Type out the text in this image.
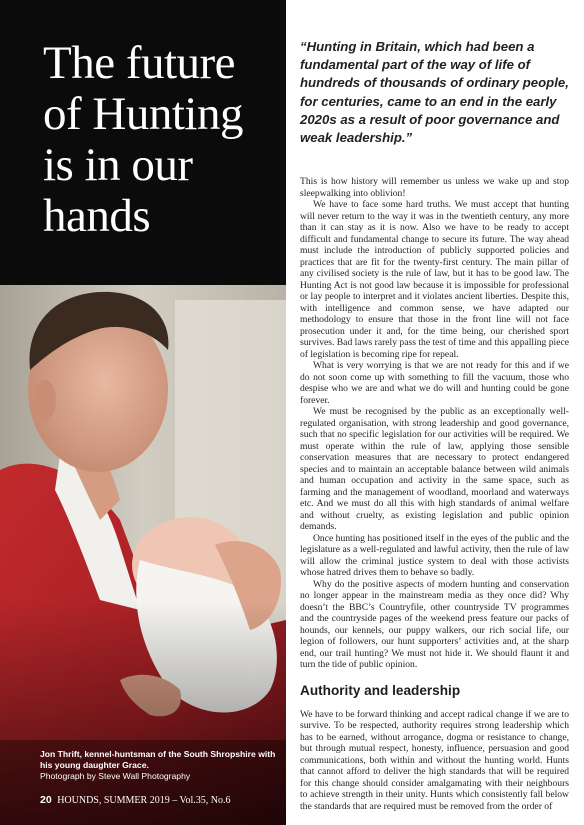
The future of Hunting is in our hands
Jon Thrift, kennel-huntsman of the South Shropshire with his young daughter Grace.
Photograph by Steve Wall Photography
20 HOUNDS, SUMMER 2019 – Vol.35, No.6

“Hunting in Britain, which had been a fundamental part of the way of life of hundreds of thousands of ordinary people, for centuries, came to an end in the early 2020s as a result of poor governance and weak leadership.”

This is how history will remember us unless we wake up and stop sleepwalking into oblivion!

We have to face some hard truths. We must accept that hunting will never return to the way it was in the twentieth century, any more than it can stay as it is now. Also we have to be ready to accept difficult and fundamental change to secure its future. The way ahead must include the introduction of publicly supported policies and practices that are fit for the twenty-first century. The main pillar of any civilised society is the rule of law, but it has to be good law. The Hunting Act is not good law because it is impossible for professional or lay people to interpret and it violates ancient liberties. Despite this, with intelligence and common sense, we have adapted our methodology to ensure that those in the front line will not face prosecution under it and, for the time being, our cherished sport survives. Bad laws rarely pass the test of time and this appalling piece of legislation is becoming ripe for repeal.

What is very worrying is that we are not ready for this and if we do not soon come up with something to fill the vacuum, those who despise who we are and what we do will and hunting could be gone forever.

We must be recognised by the public as an exceptionally well-regulated organisation, with strong leadership and good governance, such that no specific legislation for our activities will be required. We must operate within the rule of law, applying those sensible conservation measures that are necessary to protect endangered species and to maintain an acceptable balance between wild animals and human occupation and activity in the same space, such as farming and the management of woodland, moorland and waterways etc. And we must do all this with high standards of animal welfare and without cruelty, as existing legislation and public opinion demands.

Once hunting has positioned itself in the eyes of the public and the legislature as a well-regulated and lawful activity, then the rule of law will allow the criminal justice system to deal with those activists whose hatred drives them to behave so badly.

Why do the positive aspects of modern hunting and conservation no longer appear in the mainstream media as they once did? Why doesn’t the BBC’s Countryfile, other countryside TV programmes and the countryside pages of the weekend press feature our packs of hounds, our kennels, our puppy walkers, our rich social life, our legion of followers, our hunt supporters’ activities and, at the sharp end, our trail hunting? We must not hide it. We should flaunt it and turn the tide of public opinion.

Authority and leadership

We have to be forward thinking and accept radical change if we are to survive. To be respected, authority requires strong leadership which has to be earned, without arrogance, dogma or resistance to change, but through mutual respect, honesty, influence, persuasion and good communications, both within and without the hunting world. Hunts that cannot afford to deliver the high standards that will be required for this change should consider amalgamating with their neighbours to achieve strength in their unity. Hunts which consistently fall below the standards that are required must be removed from the order of
